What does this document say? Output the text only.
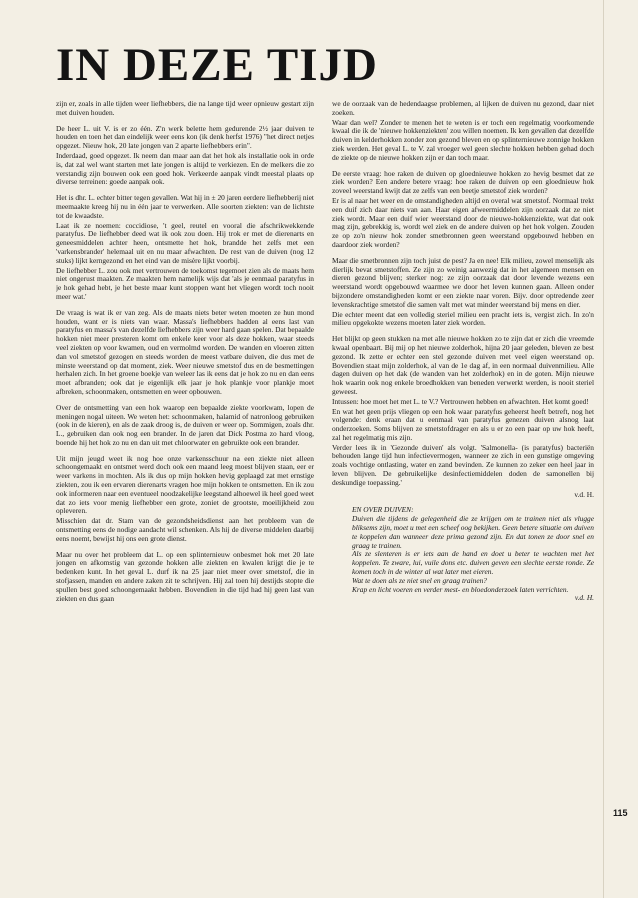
IN DEZE TIJD

zijn er, zoals in alle tijden weer liefhebbers, die na lange tijd weer opnieuw gestart zijn met duiven houden.

De heer L. uit V. is er zo één. Z'n werk belette hem gedurende 2½ jaar duiven te houden en toen het dan eindelijk weer eens kon (ik denk herfst 1976) "het direct netjes opgezet. Nieuw hok, 20 late jongen van 2 aparte liefhebbers erin".

Inderdaad, goed opgezet. Ik neem dan maar aan dat het hok als installatie ook in orde is, dat zal wel want starten met late jongen is altijd te verkiezen. En de melkers die zo verstandig zijn bouwen ook een goed hok. Verkeerde aanpak vindt meestal plaats op diverse terreinen: goede aanpak ook.

Het is dhr. L. echter bitter tegen gevallen. Wat hij in ± 20 jaren eerdere liefhebberij niet meemaakte kreeg hij nu in één jaar te verwerken. Alle soorten ziekten: van de lichtste tot de kwaadste.

Laat ik ze noemen: coccidiose, 't geel, reutel en vooral die afschrikwekkende paratyfus. De liefhebber deed wat ik ook zou doen. Hij trok er met de dierenarts en geneesmiddelen achter heen, ontsmette het hok, brandde het zelfs met een 'varkensbrander' helemaal uit en nu maar afwachten. De rest van de duiven (nog 12 stuks) lijkt kerngezond en het eind van de misère lijkt voorbij.

De liefhebber L. zou ook met vertrouwen de toekomst tegemoet zien als de maats hem niet ongerust maakten. Ze maakten hem namelijk wijs dat 'als je eenmaal paratyfus in je hok gehad hebt, je het beste maar kunt stoppen want het vliegen wordt toch nooit meer wat.'

De vraag is wat ik er van zeg. Als de maats niets beter weten moeten ze hun mond houden, want er is niets van waar. Massa's liefhebbers hadden al eens last van paratyfus en massa's van dezelfde liefhebbers zijn weer hard gaan spelen. Dat bepaalde hokken niet meer presteren komt om enkele keer voor als deze hokken, waar steeds veel ziekten op voor kwamen, oud en vermolmd worden. De wanden en vloeren zitten dan vol smetstof gezogen en steeds worden de meest vatbare duiven, die dus met de minste weerstand op dat moment, ziek. Weer nieuwe smetstof dus en de besmettingen herhalen zich. In het groene boekje van weleer las ik eens dat je hok zo nu en dan eens moet afbranden; ook dat je eigenlijk elk jaar je hok plankje voor plankje moet afbreken, schoonmaken, ontsmetten en weer opbouwen.

Over de ontsmetting van een hok waarop een bepaalde ziekte voorkwam, lopen de meningen nogal uiteen. We weten het: schoonmaken, halamid of natronloog gebruiken (ook in de kieren), en als de zaak droog is, de duiven er weer op. Sommigen, zoals dhr. L., gebruiken dan ook nog een brander. In de jaren dat Dick Postma zo hard vloog, boende hij het hok zo nu en dan uit met chloorwater en gebruikte ook een brander.

Uit mijn jeugd weet ik nog hoe onze varkensschuur na een ziekte niet alleen schoongemaakt en ontsmet werd doch ook een maand leeg moest blijven staan, eer er weer varkens in mochten. Als ik dus op mijn hokken hevig geplaagd zat met ernstige ziekten, zou ik een ervaren dierenarts vragen hoe mijn hokken te ontsmetten. En ik zou ook informeren naar een eventueel noodzakelijke leegstand alhoewel ik heel goed weet dat zo iets voor menig liefhebber een grote, zoniet de grootste, moeilijkheid zou opleveren.

Misschien dat dr. Stam van de gezondsheidsdienst aan het probleem van de ontsmetting eens de nodige aandacht wil schenken. Als hij de diverse middelen daarbij eens noemt, bewijst hij ons een grote dienst.

Maar nu over het probleem dat L. op een splinternieuw onbesmet hok met 20 late jongen en afkomstig van gezonde hokken alle ziekten en kwalen krijgt die je te bedenken kunt. In het geval L. durf ik na 25 jaar niet meer over smetstof, die in stofjassen, manden en andere zaken zit te schrijven. Hij zal toen hij destijds stopte die spullen best goed schoongemaakt hebben. Bovendien in die tijd had hij geen last van ziekten en dus gaan

we de oorzaak van de hedendaagse problemen, al lijken de duiven nu gezond, daar niet zoeken.

Waar dan wel? Zonder te menen het te weten is er toch een regelmatig voorkomende kwaal die ik de 'nieuwe hokkenziekten' zou willen noemen. Ik ken gevallen dat dezelfde duiven in kelderhokken zonder zon gezond bleven en op splinternieuwe zonnige hokken ziek werden. Het geval L. te V. zal vroeger wel geen slechte hokken hebben gehad doch de ziekte op de nieuwe hokken zijn er dan toch maar.

De eerste vraag: hoe raken de duiven op gloednieuwe hokken zo hevig besmet dat ze ziek worden? Een andere betere vraag: hoe raken de duiven op een gloednieuw hok zoveel weerstand kwijt dat ze zelfs van een beetje smetstof ziek worden?

Er is al naar het weer en de omstandigheden altijd en overal wat smetstof. Normaal trekt een duif zich daar niets van aan. Haar eigen afweermiddelen zijn oorzaak dat ze niet ziek wordt. Maar een duif wier weerstand door de nieuwe-hokkenziekte, wat dat ook mag zijn, gebrekkig is, wordt wel ziek en de andere duiven op het hok volgen. Zouden ze op zo'n nieuw hok zonder smetbronnen geen weerstand opgebouwd hebben en daardoor ziek worden?

Maar die smetbronnen zijn toch juist de pest? Ja en nee! Elk milieu, zowel menselijk als dierlijk bevat smetstoffen. Ze zijn zo weinig aanwezig dat in het algemeen mensen en dieren gezond blijven; sterker nog: ze zijn oorzaak dat door levende wezens een weerstand wordt opgebouwd waarmee we door het leven kunnen gaan. Alleen onder bijzondere omstandigheden komt er een ziekte naar voren. Bijv. door optredende zeer levenskrachtige smetstof die samen valt met wat minder weerstand bij mens en dier.

Die echter meent dat een volledig steriel milieu een pracht iets is, vergist zich. In zo'n milieu opgekokte wezens moeten later ziek worden.

Het blijkt op geen stukken na met alle nieuwe hokken zo te zijn dat er zich die vreemde kwaal openbaart. Bij mij op het nieuwe zolderhok, hijna 20 jaar geleden, bleven ze best gezond. Ik zette er echter een stel gezonde duiven met veel eigen weerstand op. Bovendien staat mijn zolderhok, al van de 1e dag af, in een normaal duivenmilieu. Alle dagen duiven op het dak (de wanden van het zolderhok) en in de goten. Mijn nieuwe hok waarin ook nog enkele broedhokken van beneden verwerkt werden, is nooit steriel geweest.

Intussen: hoe moet het met L. te V.? Vertrouwen hebben en afwachten. Het komt goed!

En wat het geen prijs vliegen op een hok waar paratyfus geheerst heeft betreft, nog het volgende: denk eraan dat u eenmaal van paratyfus genezen duiven alsnog laat onderzoeken. Soms blijven ze smetstofdrager en als u er zo een paar op uw hok heeft, zal het regelmatig mis zijn.

Verder lees ik in 'Gezonde duiven' als volgt. 'Salmonella- (is paratyfus) bacteriën behouden lange tijd hun infectievermogen, wanneer ze zich in een gunstige omgeving zoals vochtige ontlasting, water en zand bevinden. Ze kunnen zo zeker een heel jaar in leven blijven. De gebruikelijke desinfectiemiddelen doden de samonellen bij deskundige toepassing.'

v.d. H.

EN OVER DUIVEN:

Duiven die tijdens de gelegenheid die ze krijgen om te trainen niet als vlugge bliksems zijn, moet u met een scheef oog bekijken. Geen betere situatie om duiven te koppelen dan wanneer deze prima gezond zijn. En dat tonen ze door snel en graag te trainen.

Als ze slenteren is er iets aan de hand en doet u beter te wachten met het koppelen. Te zware, lui, vuile dons etc. duiven geven een slechte eerste ronde. Ze komen toch in de winter al wat later met eieren.

Wat te doen als ze niet snel en graag trainen?

Krap en licht voeren en verder mest- en bloedonderzoek laten verrichten.

v.d. H.

115
